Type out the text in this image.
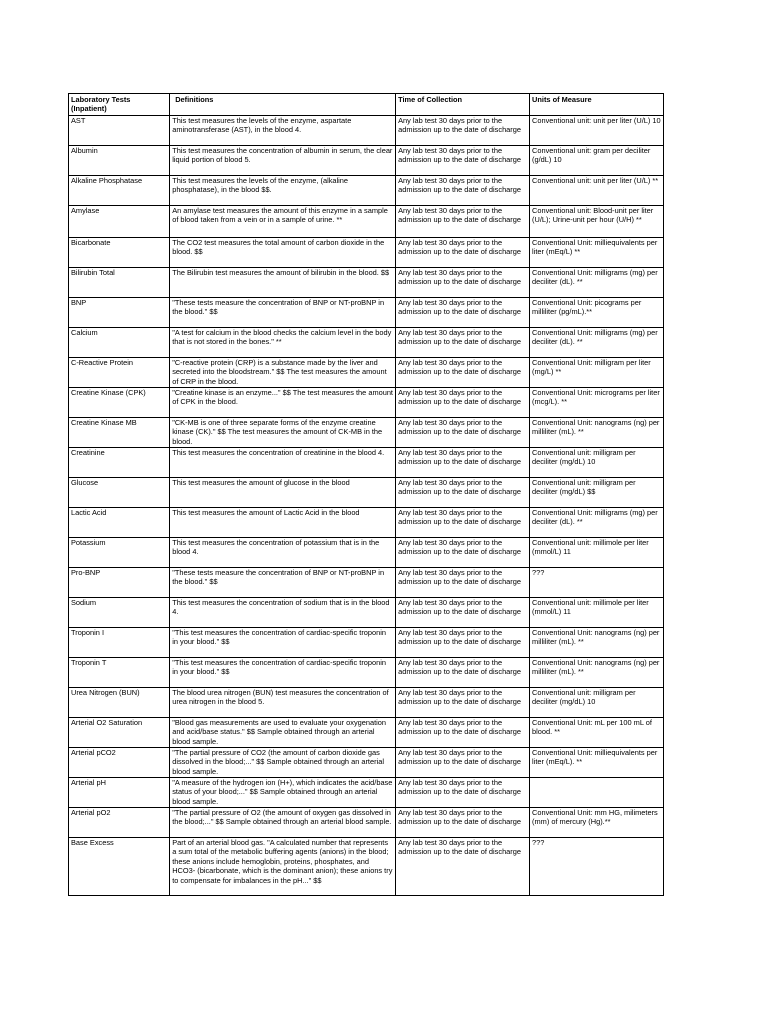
Laboratory Tests (Inpatient)	Definitions	Time of Collection	Units of Measure
AST	This test measures the levels of the enzyme, aspartate aminotransferase (AST), in the blood 4.	Any lab test 30 days prior to the admission up to the date of discharge	Conventional unit: unit per liter (U/L) 10
Albumin	This test measures the concentration of albumin in serum, the clear liquid portion of blood 5.	Any lab test 30 days prior to the admission up to the date of discharge	Conventional unit: gram per deciliter (g/dL) 10
Alkaline Phosphatase	This test measures the levels of the enzyme, (alkaline phosphatase), in the blood $$.	Any lab test 30 days prior to the admission up to the date of discharge	Conventional unit: unit per liter (U/L) **
Amylase	An amylase test measures the amount of this enzyme in a sample of blood taken from a vein or in a sample of urine. **	Any lab test 30 days prior to the admission up to the date of discharge	Conventional unit: Blood-unit per liter (U/L); Urine-unit per hour (U/H) **
Bicarbonate	The CO2 test measures the total amount of carbon dioxide in the blood. $$	Any lab test 30 days prior to the admission up to the date of discharge	Conventional Unit: milliequivalents per liter (mEq/L) **
Bilirubin Total	The Bilirubin test measures the amount of bilirubin in the blood. $$	Any lab test 30 days prior to the admission up to the date of discharge	Conventional Unit: milligrams (mg) per deciliter (dL). **
BNP	"These tests measure the concentration of BNP or NT-proBNP in the blood." $$	Any lab test 30 days prior to the admission up to the date of discharge	Conventional Unit: picograms per milliliter (pg/mL).**
Calcium	"A test for calcium in the blood checks the calcium level in the body that is not stored in the bones." **	Any lab test 30 days prior to the admission up to the date of discharge	Conventional Unit: milligrams (mg) per deciliter (dL). **
C-Reactive Protein	"C-reactive protein (CRP) is a substance made by the liver and secreted into the bloodstream." $$ The test measures the amount of CRP in the blood.	Any lab test 30 days prior to the admission up to the date of discharge	Conventional Unit: milligram per liter (mg/L) **
Creatine Kinase (CPK)	"Creatine kinase is an enzyme..." $$ The test measures the amount of CPK in the blood.	Any lab test 30 days prior to the admission up to the date of discharge	Conventional Unit: micrograms per liter (mcg/L). **
Creatine Kinase MB	"CK-MB is one of three separate forms of the enzyme creatine kinase (CK)." $$ The test measures the amount of CK-MB in the blood.	Any lab test 30 days prior to the admission up to the date of discharge	Conventional Unit: nanograms (ng) per milliliter (mL). **
Creatinine	This test measures the concentration of creatinine in the blood 4.	Any lab test 30 days prior to the admission up to the date of discharge	Conventional unit: milligram per deciliter (mg/dL) 10
Glucose	This test measures the amount of glucose in the blood	Any lab test 30 days prior to the admission up to the date of discharge	Conventional unit: milligram per deciliter (mg/dL) $$
Lactic Acid	This test measures the amount of Lactic Acid in the blood	Any lab test 30 days prior to the admission up to the date of discharge	Conventional Unit: milligrams (mg) per deciliter (dL). **
Potassium	This test measures the concentration of potassium that is in the blood 4.	Any lab test 30 days prior to the admission up to the date of discharge	Conventional unit: millimole per liter (mmol/L) 11
Pro-BNP	"These tests measure the concentration of BNP or NT-proBNP in the blood." $$	Any lab test 30 days prior to the admission up to the date of discharge	???
Sodium	This test measures the concentration of sodium that is in the blood 4.	Any lab test 30 days prior to the admission up to the date of discharge	Conventional unit: millimole per liter (mmol/L) 11
Troponin I	"This test measures the concentration of cardiac-specific troponin in your blood." $$	Any lab test 30 days prior to the admission up to the date of discharge	Conventional Unit: nanograms (ng) per milliliter (mL). **
Troponin T	"This test measures the concentration of cardiac-specific troponin in your blood." $$	Any lab test 30 days prior to the admission up to the date of discharge	Conventional Unit: nanograms (ng) per milliliter (mL). **
Urea Nitrogen (BUN)	The blood urea nitrogen (BUN) test measures the concentration of urea nitrogen in the blood 5.	Any lab test 30 days prior to the admission up to the date of discharge	Conventional unit: milligram per deciliter (mg/dL) 10
Arterial O2 Saturation	"Blood gas measurements are used to evaluate your oxygenation and acid/base status." $$ Sample obtained through an arterial blood sample.	Any lab test 30 days prior to the admission up to the date of discharge	Conventional Unit: mL per 100 mL of blood. **
Arterial pCO2	"The partial pressure of CO2 (the amount of carbon dioxide gas dissolved in the blood;..." $$ Sample obtained through an arterial blood sample.	Any lab test 30 days prior to the admission up to the date of discharge	Conventional Unit: milliequivalents per liter (mEq/L). **
Arterial pH	"A measure of the hydrogen ion (H+), which indicates the acid/base status of your blood;..." $$ Sample obtained through an arterial blood sample.	Any lab test 30 days prior to the admission up to the date of discharge	
Arterial pO2	"The partial pressure of O2 (the amount of oxygen gas dissolved in the blood;..." $$ Sample obtained through an arterial blood sample.	Any lab test 30 days prior to the admission up to the date of discharge	Conventional Unit: mm HG, milimeters (mm) of mercury (Hg).**
Base Excess	Part of an arterial blood gas. "A calculated number that represents a sum total of the metabolic buffering agents (anions) in the blood; these anions include hemoglobin, proteins, phosphates, and HCO3- (bicarbonate, which is the dominant anion); these anions try to compensate for imbalances in the pH..." $$	Any lab test 30 days prior to the admission up to the date of discharge	???
